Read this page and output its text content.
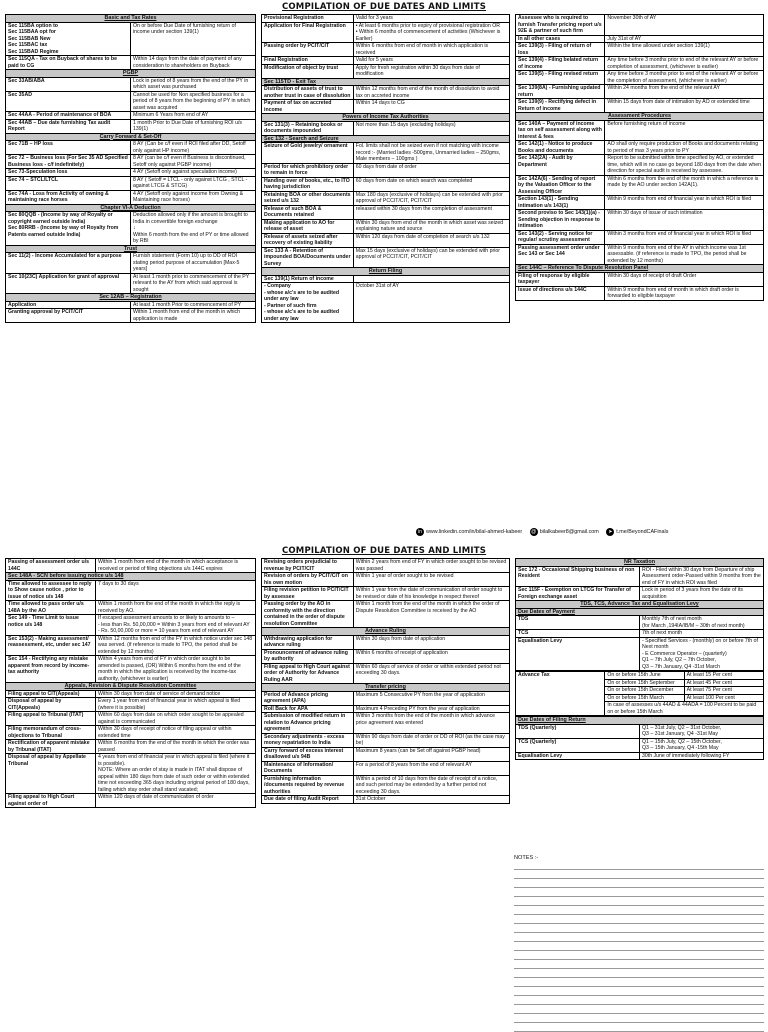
COMPILATION OF DUE DATES AND LIMITS
Basic and Tax Rates	
Sec 115BA option to
Sec 115BAA opt for
Sec 115BAB New
Sec 115BAC tax
Sec 115BAD Regime	On or before Due Date of furnishing return of income under section 139(1)
Sec 115QA - Tax on Buyback of shares to be paid to CG	Within 14 days from the date of payment of any consideration to shareholders on Buyback
PGBP	
Sec 33AB/ABA	Lock in period of 8 years from the end of the PY in which asset was purchased
Sec 35AD	Cannot be used for Non specified business for a period of 8 years from the beginning of PY in which asset was acquired
Sec 44AA - Period of maintenance of BOA	Minimum 6 Years from end of AY
Sec 44AB – Due date furnishing Tax audit Report	1 month Prior to Due Date of furnishing ROI u/s 139(1)
Carry Forward & Set-Off	
Sec 71B – HP loss	8 AY (Can be c/f even if ROI filed after DD, Setoff only against HP income)
Sec 72 – Business loss (For Sec 35 AD Specified Business loss - c/f indefinitely)	8 AY (can be c/f even if Business is discontinued, Setoff only against PGBP income)
Sec 73-Speculation loss	4 AY (Setoff only against speculation income)
Sec 74 – STCL/LTCL	8 AY ( Setoff = LTCL - only against LTCG , STCL - against LTCG & STCG)
Sec 74A - Loss from Activity of owning & maintaining race horses	4 AY (Setoff only against income from Owning & Maintaining race horses)
Chapter VI-A Deduction	
Sec 80QQB - (Income by way of Royalty or copyright earned outside India)
Sec 80RRB - (Income by way of Royalty from Patents earned outside India)	Deduction allowed only if the amount is brought to India in convertible foreign exchange
↓
Within 6 month from the end of PY or time allowed by RBI
Trust	
Sec 11(2) - Income Accumulated for a purpose	Furnish statement (Form 10) up to DD of ROI stating period purpose of accumulation [Max-5 years]
Sec 10(23C) Application for grant of approval	At least 1 month prior to commencement of the PY relevant to the AY from which said approval is sought
Sec 12AB – Registration	
Application	At least 1 month Prior to commencement of PY
Granting approval by PCIT/CIT	Within 1 month from end of the month in which application is made
Provisional Registration	Valid for 3 years
Application for Final Registration	• At least 6 months prior to expiry of provisional registration OR
• Within 6 months of commencement of activities (Whichever is Earlier)
Passing order by PCIT/CIT	Within 6 months from end of month in which application is received
Final Registration	Valid for 5 years
Modification of object by trust	Apply for fresh registration within 30 days from date of modification
Sec 115TD - Exit Tax	
Distribution of assets of trust to another trust in case of dissolution	Within 12 months from end of the month of dissolution to avoid tax on accreted income
Payment of tax on accreted income	Within 14 days to CG
Powers of Income Tax Authorities	
Sec 131(3) – Retaining books or documents impounded	Not more than 15 days (excluding holidays)
Sec 132 - Search and Seizure	
Seizure of Gold jewelry/ ornament	Fol. limits shall not be seized even if not matching with income record :- (Married ladies -500gms, Unmarried ladies – 250gms, Male members – 100gms )
Period for which prohibitory order to remain in force	60 days from date of order
Handing over of books, etc., to ITO having jurisdiction	60 days from date on which search was completed
Retaining BOA or other documents seized u/s 132	Max 180 days (exclusive of holidays) can be extended with prior approval of PCCIT/CIT, PCIT/CIT
Release of such BOA & Documents retained	released within 30 days from the completion of assessment
Making application to AO for release of asset	Within 30 days from end of the month in which asset was seized explaining nature and source
Release of assets seized after recovery of existing liability	Within 120 days from date of completion of search u/s 132
Sec 133 A - Retention of impounded BOA/Documents under Survey	Max 15 days (exclusive of holidays) can be extended with prior approval of PCCIT/CIT, PCIT/CIT
Return Filing	
Sec 139(1) Return of income	
- Company
- whose a/c's are to be audited under any law
- Partner of such firm
- whose a/c's are to be audited under any law	October 31st of AY
Assessee who is required to furnish Transfer pricing report u/s 92E & partner of such firm	November 30th of AY
In all other cases	July 31st of AY
Sec 139(3) - Filing of return of loss	Within the time allowed under section 139(1)
Sec 139(4) - Filing belated return of income	Any time before 3 months prior to end of the relevant AY or before completion of assessment, (whichever is earlier)
Sec 139(5) - Filing revised return	Any time before 3 months prior to end of the relevant AY or before the completion of assessment, (whichever is earlier)
Sec 139(8A) - Furnishing updated return	Within 24 months from the end of the relevant AY
Sec 139(9) - Rectifying defect in Return of income	Within 15 days from date of intimation by AO or extended time
Assessment Procedures	
Sec 140A – Payment of income tax on self assessment along with interest & fees	Before furnishing return of income
Sec 142(1) - Notice to produce Books and documents	AO shall only require production of Books and documents relating to period of max 3 years prior to PY
Sec 142(2A) - Audit by Department	Report to be submitted within time specified by AO, or extended time, which will in no case go beyond 180 days from the date when direction for special audit is received by assessee.
Sec 142A(6) - Sending of report by the Valuation Officer to the Assessing Officer	Within 6 months from the end of the month in which a reference is made by the AO under section 142A(1).
Section 143(1) - Sending intimation u/s 143(1)	Within 9 months from end of financial year in which ROI is filed
Second proviso to Sec 143(1)(a) - Sending objection in response to intimation	Within 30 days of issue of such intimation
Sec 143(2) - Serving notice for regular/ scrutiny assessment	Within 3 months from end of financial year in which ROI is filed
Passing assessment order under Sec 143 or Sec 144	Within 9 months from end of the AY in which income was 1st assessable. (if reference is made to TPO, the period shall be extended by 12 months)
Sec 144C – Reference To Dispute Resolution Panel	
Filing of response by eligible taxpayer	Within 30 days of receipt of draft Order
Issue of directions u/s 144C	Within 9 months from end of month in which draft order is forwarded to eligible taxpayer
in www.linkedin.com/in/bilal-ahmed-kabeer @ bilalkabeer8@gmail.com ➤ t.me/BeyondCAFinals
COMPILATION OF DUE DATES AND LIMITS
Passing of assessment order u/s 144C	Within 1 month from end of the month in which acceptance is received or period of filing objections u/s 144C expires
Sec 148A - SCN before issuing notice u/s 148	
Time allowed to assessee to reply to Show cause notice , prior to issue of notice u/s 148	7 days to 30 days
Time allowed to pass order u/s 148A by the AO	Within 1 month from the end of the month in which the reply is received by AO.
Sec 149 - Time Limit to issue notice u/s 148	If escaped assessment amounts to or likely to amounts to –
- less than Rs. 50,00,000 = Within 3 years from end of relevant AY
- Rs. 50,00,000 or more = 10 years from end of relevant AY
Sec 153(2) - Making assessment/ reassessment, etc, under sec 147	Within 12 months from end of the FY in which notice under sec 148 was served. (if reference is made to TPO, the period shall be extended by 12 months)
Sec 154 - Rectifying any mistake apparent from record by income-tax authority	Within 4 years from end of FY in which order sought to be amended is passed, (OR) Within 6 months from the end of the month in which the application is received by the income-tax authority, (whichever is earlier)
Appeals, Revision & Dispute Resolution Committee	
Filing appeal to CIT(Appeals)	Within 30 days from date of service of demand notice
Disposal of appeal by CIT(Appeals)	Every 1 year from end of financial year in which appeal is filed (where it is possible)
Filing appeal to Tribunal (ITAT)	Within 60 days from date on which order sought to be appealed against is communicated
Filing memorandum of cross-objections to Tribunal	Within 30 days of receipt of notice of filing appeal or within extended time
Rectification of apparent mistake by Tribunal (ITAT)	Within 6 months from the end of the month in which the order was passed
Disposal of appeal by Appellate Tribunal	4 years from end of financial year in which appeal is filed (where it is possible).
NOTE: Where an order of stay is made in ITAT shall dispose of appeal within 180 days from date of such order or within extended time not exceeding 365 days including original period of 180 days, failing which stay order shall stand vacated;
Filing appeal to High Court against order of	Within 120 days of date of communication of order
Revising orders prejudicial to revenue by PCIT/CIT	Within 2 years from end of FY in which order sought to be revised was passed
Revision of orders by PCIT/CIT on his own motion	Within 1 year of order sought to be revised
Filing revision petition to PCIT/CIT by assessee	Within 1 year from the date of communication of order sought to be revised or date of his knowledge in respect thereof
Passing order by the AO in conformity with the direction contained in the order of dispute resolution Committee	Within 1 month from the end of the month in which the order of Dispute Resolution Committee is received by the AO
Advance Ruling	
Withdrawing application for advance ruling	Within 30 days from date of application
Pronouncement of advance ruling by authority	Within 6 months of receipt of application
Filing appeal to High Court against order of Authority for Advance Ruling AAR	Within 60 days of service of order or within extended period not exceeding 30 days.
Transfer pricing	
Period of Advance pricing agreement (APA)	Maximum 5 Consecutive PY from the year of application
Roll Back for APA	Maximum 4 Preceding PY from the year of application
Submission of modified return in relation to Advance pricing agreement	Within 3 months from the end of the month in which advance price agreement was entered
Secondary adjustments - excess money repatriation to India	Within 90 days from date of order or DD of ROI (as the case may be)
Carry forward of excess interest disallowed u/s 94B	Maximum 8 years (can be Set off against PGBP head)
Maintenance of Information/ Documents	For a period of 8 years from the end of relevant AY
Furnishing information /documents required by revenue authorities	Within a period of 10 days from the date of receipt of a notice, and such period may be extended by a further period not exceeding 30 days.
Due date of filing Audit Report	31st October
NR Taxation	
Sec 172 - Occasional Shipping business of non Resident	ROI - Filed within 30 days from Departure of ship
Assessment order-Passed within 9 months from the end of FY in which ROI was filed
Sec 115F - Exemption on LTCG for Transfer of Foreign exchange asset	Lock in period of 3 years from the date of its acquisition
TDS, TCS, Advance Tax and Equalisation Levy	
Due Dates of Payment	
TDS	Monthly 7th of next month
(for March ,194IA/IB/M – 30th of next month)
TCS	7th of next month
Equalisation Levy	- Specified Services - (monthly) on or before 7th of Next month
- E Commerce Operator – (quarterly)
Q1 – 7th July, Q2 – 7th October,
Q3 – 7th January, Q4 -31st March
Advance Tax	On or before 15th June	At least 15 Per cent
	On or before 15th September	At least 45 Per cent
	On or before 15th December	At least 75 Per cent
	On or before 15th March	At least 100 Per cent
	In case of assesses u/s 44AD & 44ADA = 100 Percent to be paid on or before 15th March	
Due Dates of Filing Return	
TDS (Quarterly)	Q1 – 31st July, Q2 – 31st October,
Q3 – 31st January, Q4 -31st May
TCS (Quarterly)	Q1 – 15th July, Q2 – 15th October,
Q3 – 15th January, Q4 -15th May
Equalisation Levy	30th June of immediately following FY
NOTES :-
